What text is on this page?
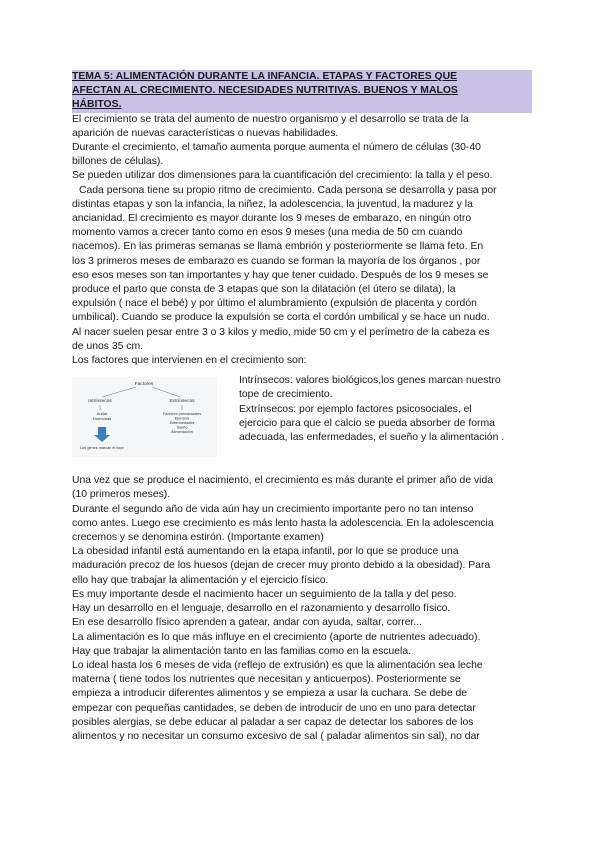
TEMA 5: ALIMENTACIÓN DURANTE LA INFANCIA. ETAPAS Y FACTORES QUE
AFECTAN AL CRECIMIENTO. NECESIDADES NUTRITIVAS. BUENOS Y MALOS
HÁBITOS.
El crecimiento se trata del aumento de nuestro organismo y el desarrollo se trata de la
aparición de nuevas características o nuevas habilidades.
Durante el crecimiento, el tamaño aumenta porque aumenta el número de células (30-40
billones de células).
Se pueden utilizar dos dimensiones para la cuantificación del crecimiento: la talla y el peso.
Cada persona tiene su propio ritmo de crecimiento. Cada persona se desarrolla y pasa por
distintas etapas y son la infancia, la niñez, la adolescencia, la juventud, la madurez y la
ancianidad. El crecimiento es mayor durante los 9 meses de embarazo, en ningún otro
momento vamos a crecer tanto como en esos 9 meses (una media de 50 cm cuando
nacemos). En las primeras semanas se llama embrión y posteriormente se llama feto. En
los 3 primeros meses de embarazo es cuando se forman la mayoría de los órganos , por
eso esos meses son tan importantes y hay que tener cuidado. Después de los 9 meses se
produce el parto que consta de 3 etapas que son la dilatación (el útero se dilata), la
expulsión ( nace el bebé) y por último el alumbramiento (expulsión de placenta y cordón
umbilical). Cuando se produce la expulsión se corta el cordón umbilical y se hace un nudo.
Al nacer suelen pesar entre 3 o 3 kilos y medio, mide 50 cm y el perímetro de la cabeza es
de unos 35 cm.
Los factores que intervienen en el crecimiento son:
Factores
Intrínsecos	Extrínsecos
Andar
Hormonas
Los genes marcan el tope
Factores psicosociales
Ejercicio
Enfermedades
Sueño
Alimentación
Intrínsecos: valores biológicos,los genes marcan nuestro
tope de crecimiento.
Extrínsecos: por ejemplo factores psicosociales, el
ejercicio para que el calcio se pueda absorber de forma
adecuada, las enfermedades, el sueño y la alimentación .
Una vez que se produce el nacimiento, el crecimiento es más durante el primer año de vida
(10 primeros meses).
Durante el segundo año de vida aún hay un crecimiento importante pero no tan intenso
como antes. Luego ese crecimiento es más lento hasta la adolescencia. En la adolescencia
crecemos y se denomina estirón. (Importante examen)
La obesidad infantil está aumentando en la etapa infantil, por lo que se produce una
maduración precoz de los huesos (dejan de crecer muy pronto debido a la obesidad). Para
ello hay que trabajar la alimentación y el ejercicio físico.
Es muy importante desde el nacimiento hacer un seguimiento de la talla y del peso.
Hay un desarrollo en el lenguaje, desarrollo en el razonamiento y desarrollo físico.
En ese desarrollo físico aprenden a gatear, andar con ayuda, saltar, correr...
La alimentación es lo que más influye en el crecimiento (aporte de nutrientes adecuado).
Hay que trabajar la alimentación tanto en las familias como en la escuela.
Lo ideal hasta los 6 meses de vida (reflejo de extrusión) es que la alimentación sea leche
materna ( tiene todos los nutrientes que necesitan y anticuerpos). Posteriormente se
empieza a introducir diferentes alimentos y se empieza a usar la cuchara. Se debe de
empezar con pequeñas cantidades, se deben de introducir de uno en uno para detectar
posibles alergias, se debe educar al paladar a ser capaz de detectar los sabores de los
alimentos y no necesitar un consumo excesivo de sal ( paladar alimentos sin sal), no dar
